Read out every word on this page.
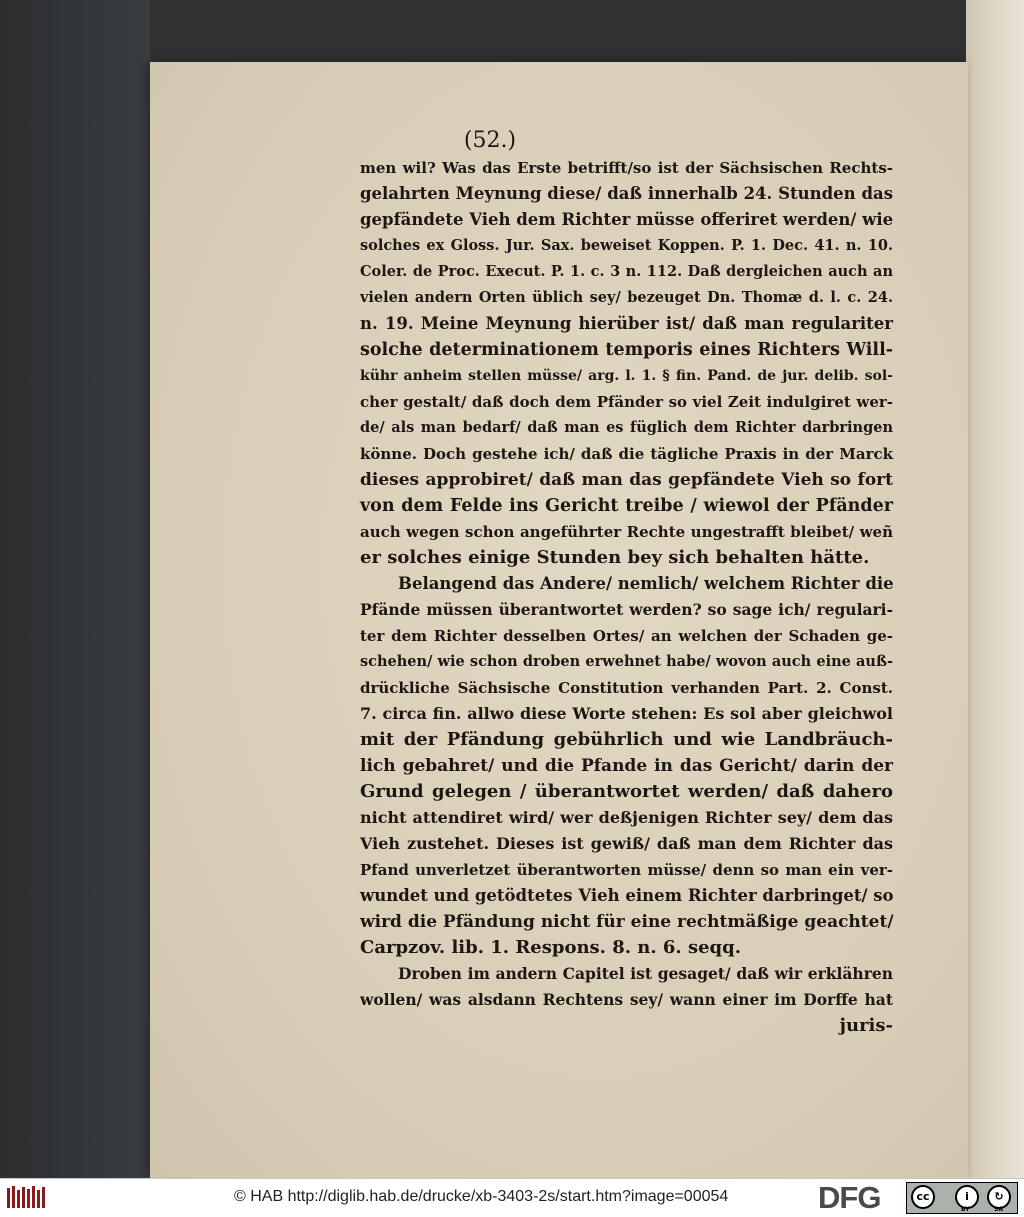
(52.)
men wil? Was das Erste betrifft/so ist der Sächsischen Rechts-
gelahrten Meynung diese/ daß innerhalb 24. Stunden das
gepfändete Vieh dem Richter müsse offeriret werden/ wie
solches ex Gloss. Jur. Sax. beweiset Koppen. P. 1. Dec. 41. n. 10.
Coler. de Proc. Execut. P. 1. c. 3 n. 112. Daß dergleichen auch an
vielen andern Orten üblich sey/ bezeuget Dn. Thomæ d. l. c. 24.
n. 19. Meine Meynung hierüber ist/ daß man regulariter
solche determinationem temporis eines Richters Will-
kühr anheim stellen müsse/ arg. l. 1. § fin. Pand. de jur. delib. sol-
cher gestalt/ daß doch dem Pfänder so viel Zeit indulgiret wer-
de/ als man bedarf/ daß man es füglich dem Richter darbringen
könne. Doch gestehe ich/ daß die tägliche Praxis in der Marck
dieses approbiret/ daß man das gepfändete Vieh so fort
von dem Felde ins Gericht treibe / wiewol der Pfänder
auch wegen schon angeführter Rechte ungestrafft bleibet/ weñ
er solches einige Stunden bey sich behalten hätte.
Belangend das Andere/ nemlich/ welchem Richter die
Pfände müssen überantwortet werden? so sage ich/ regulari-
ter dem Richter desselben Ortes/ an welchen der Schaden ge-
schehen/ wie schon droben erwehnet habe/ wovon auch eine auß-
drückliche Sächsische Constitution verhanden Part. 2. Const.
7. circa fin. allwo diese Worte stehen: Es sol aber gleichwol
mit der Pfändung gebührlich und wie Landbräuch-
lich gebahret/ und die Pfande in das Gericht/ darin der
Grund gelegen / überantwortet werden/ daß dahero
nicht attendiret wird/ wer deßjenigen Richter sey/ dem das
Vieh zustehet. Dieses ist gewiß/ daß man dem Richter das
Pfand unverletzet überantworten müsse/ denn so man ein ver-
wundet und getödtetes Vieh einem Richter darbringet/ so
wird die Pfändung nicht für eine rechtmäßige geachtet/
Carpzov. lib. 1. Respons. 8. n. 6. seqq.
Droben im andern Capitel ist gesaget/ daß wir erklähren
wollen/ was alsdann Rechtens sey/ wann einer im Dorffe hat
juris-
© HAB http://diglib.hab.de/drucke/xb-3403-2s/start.htm?image=00054	DFG	cc	i	↻
BY	SA
